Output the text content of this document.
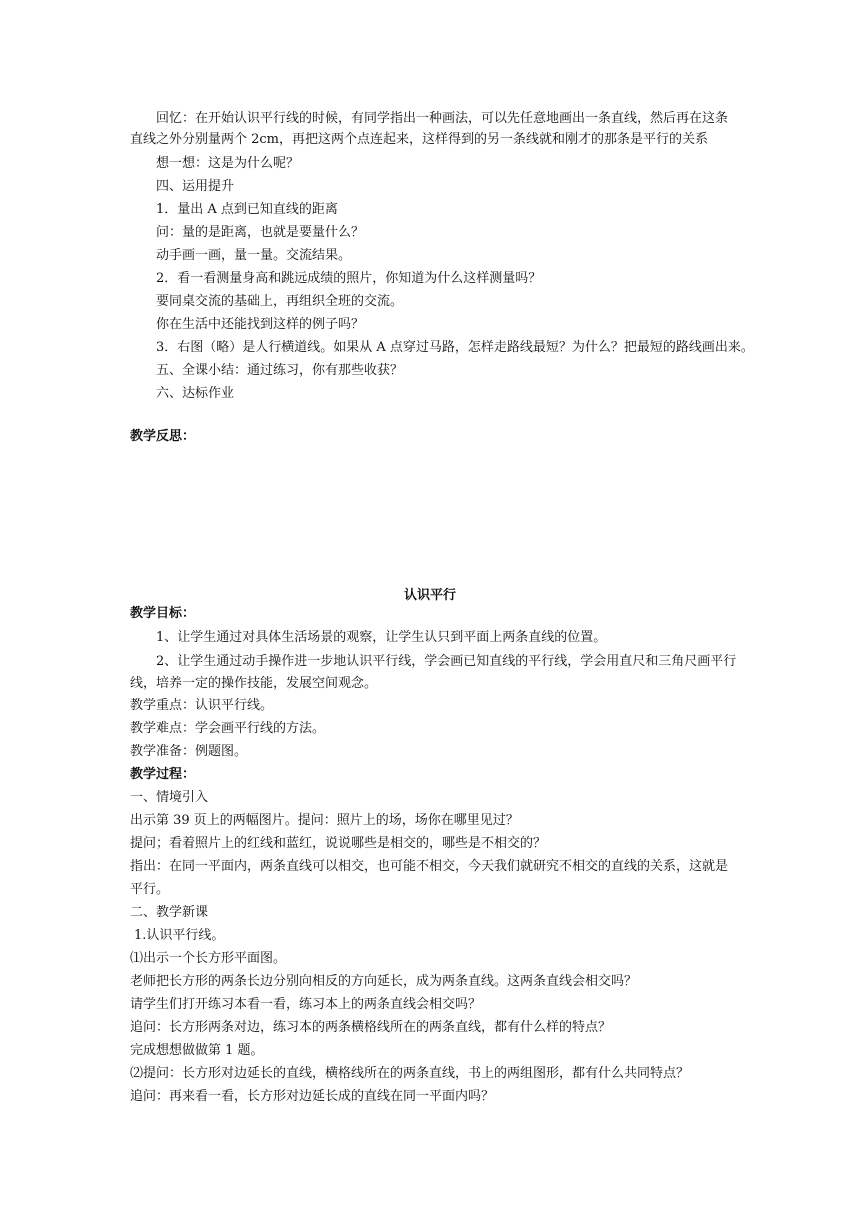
回忆：在开始认识平行线的时候，有同学指出一种画法，可以先任意地画出一条直线，然后再在这条
直线之外分别量两个 2cm，再把这两个点连起来，这样得到的另一条线就和刚才的那条是平行的关系
想一想：这是为什么呢？
四、运用提升
1．量出 A 点到已知直线的距离
问：量的是距离，也就是要量什么？
动手画一画，量一量。交流结果。
2．看一看测量身高和跳远成绩的照片，你知道为什么这样测量吗？
要同桌交流的基础上，再组织全班的交流。
你在生活中还能找到这样的例子吗？
3．右图（略）是人行横道线。如果从 A 点穿过马路，怎样走路线最短？为什么？把最短的路线画出来。
五、全课小结：通过练习，你有那些收获？
六、达标作业
教学反思：
认识平行
教学目标：
1、让学生通过对具体生活场景的观察，让学生认只到平面上两条直线的位置。
2、让学生通过动手操作进一步地认识平行线，学会画已知直线的平行线，学会用直尺和三角尺画平行
线，培养一定的操作技能，发展空间观念。
教学重点：认识平行线。
教学难点：学会画平行线的方法。
教学准备：例题图。
教学过程：
一、情境引入
出示第 39 页上的两幅图片。提问：照片上的场，场你在哪里见过？
提问；看着照片上的红线和蓝红，说说哪些是相交的，哪些是不相交的？
指出：在同一平面内，两条直线可以相交，也可能不相交，今天我们就研究不相交的直线的关系，这就是
平行。
二、教学新课
1.认识平行线。
⑴出示一个长方形平面图。
老师把长方形的两条长边分别向相反的方向延长，成为两条直线。这两条直线会相交吗？
请学生们打开练习本看一看，练习本上的两条直线会相交吗？
追问：长方形两条对边，练习本的两条横格线所在的两条直线，都有什么样的特点？
完成想想做做第 1 题。
⑵提问：长方形对边延长的直线，横格线所在的两条直线，书上的两组图形，都有什么共同特点？
追问：再来看一看，长方形对边延长成的直线在同一平面内吗？
